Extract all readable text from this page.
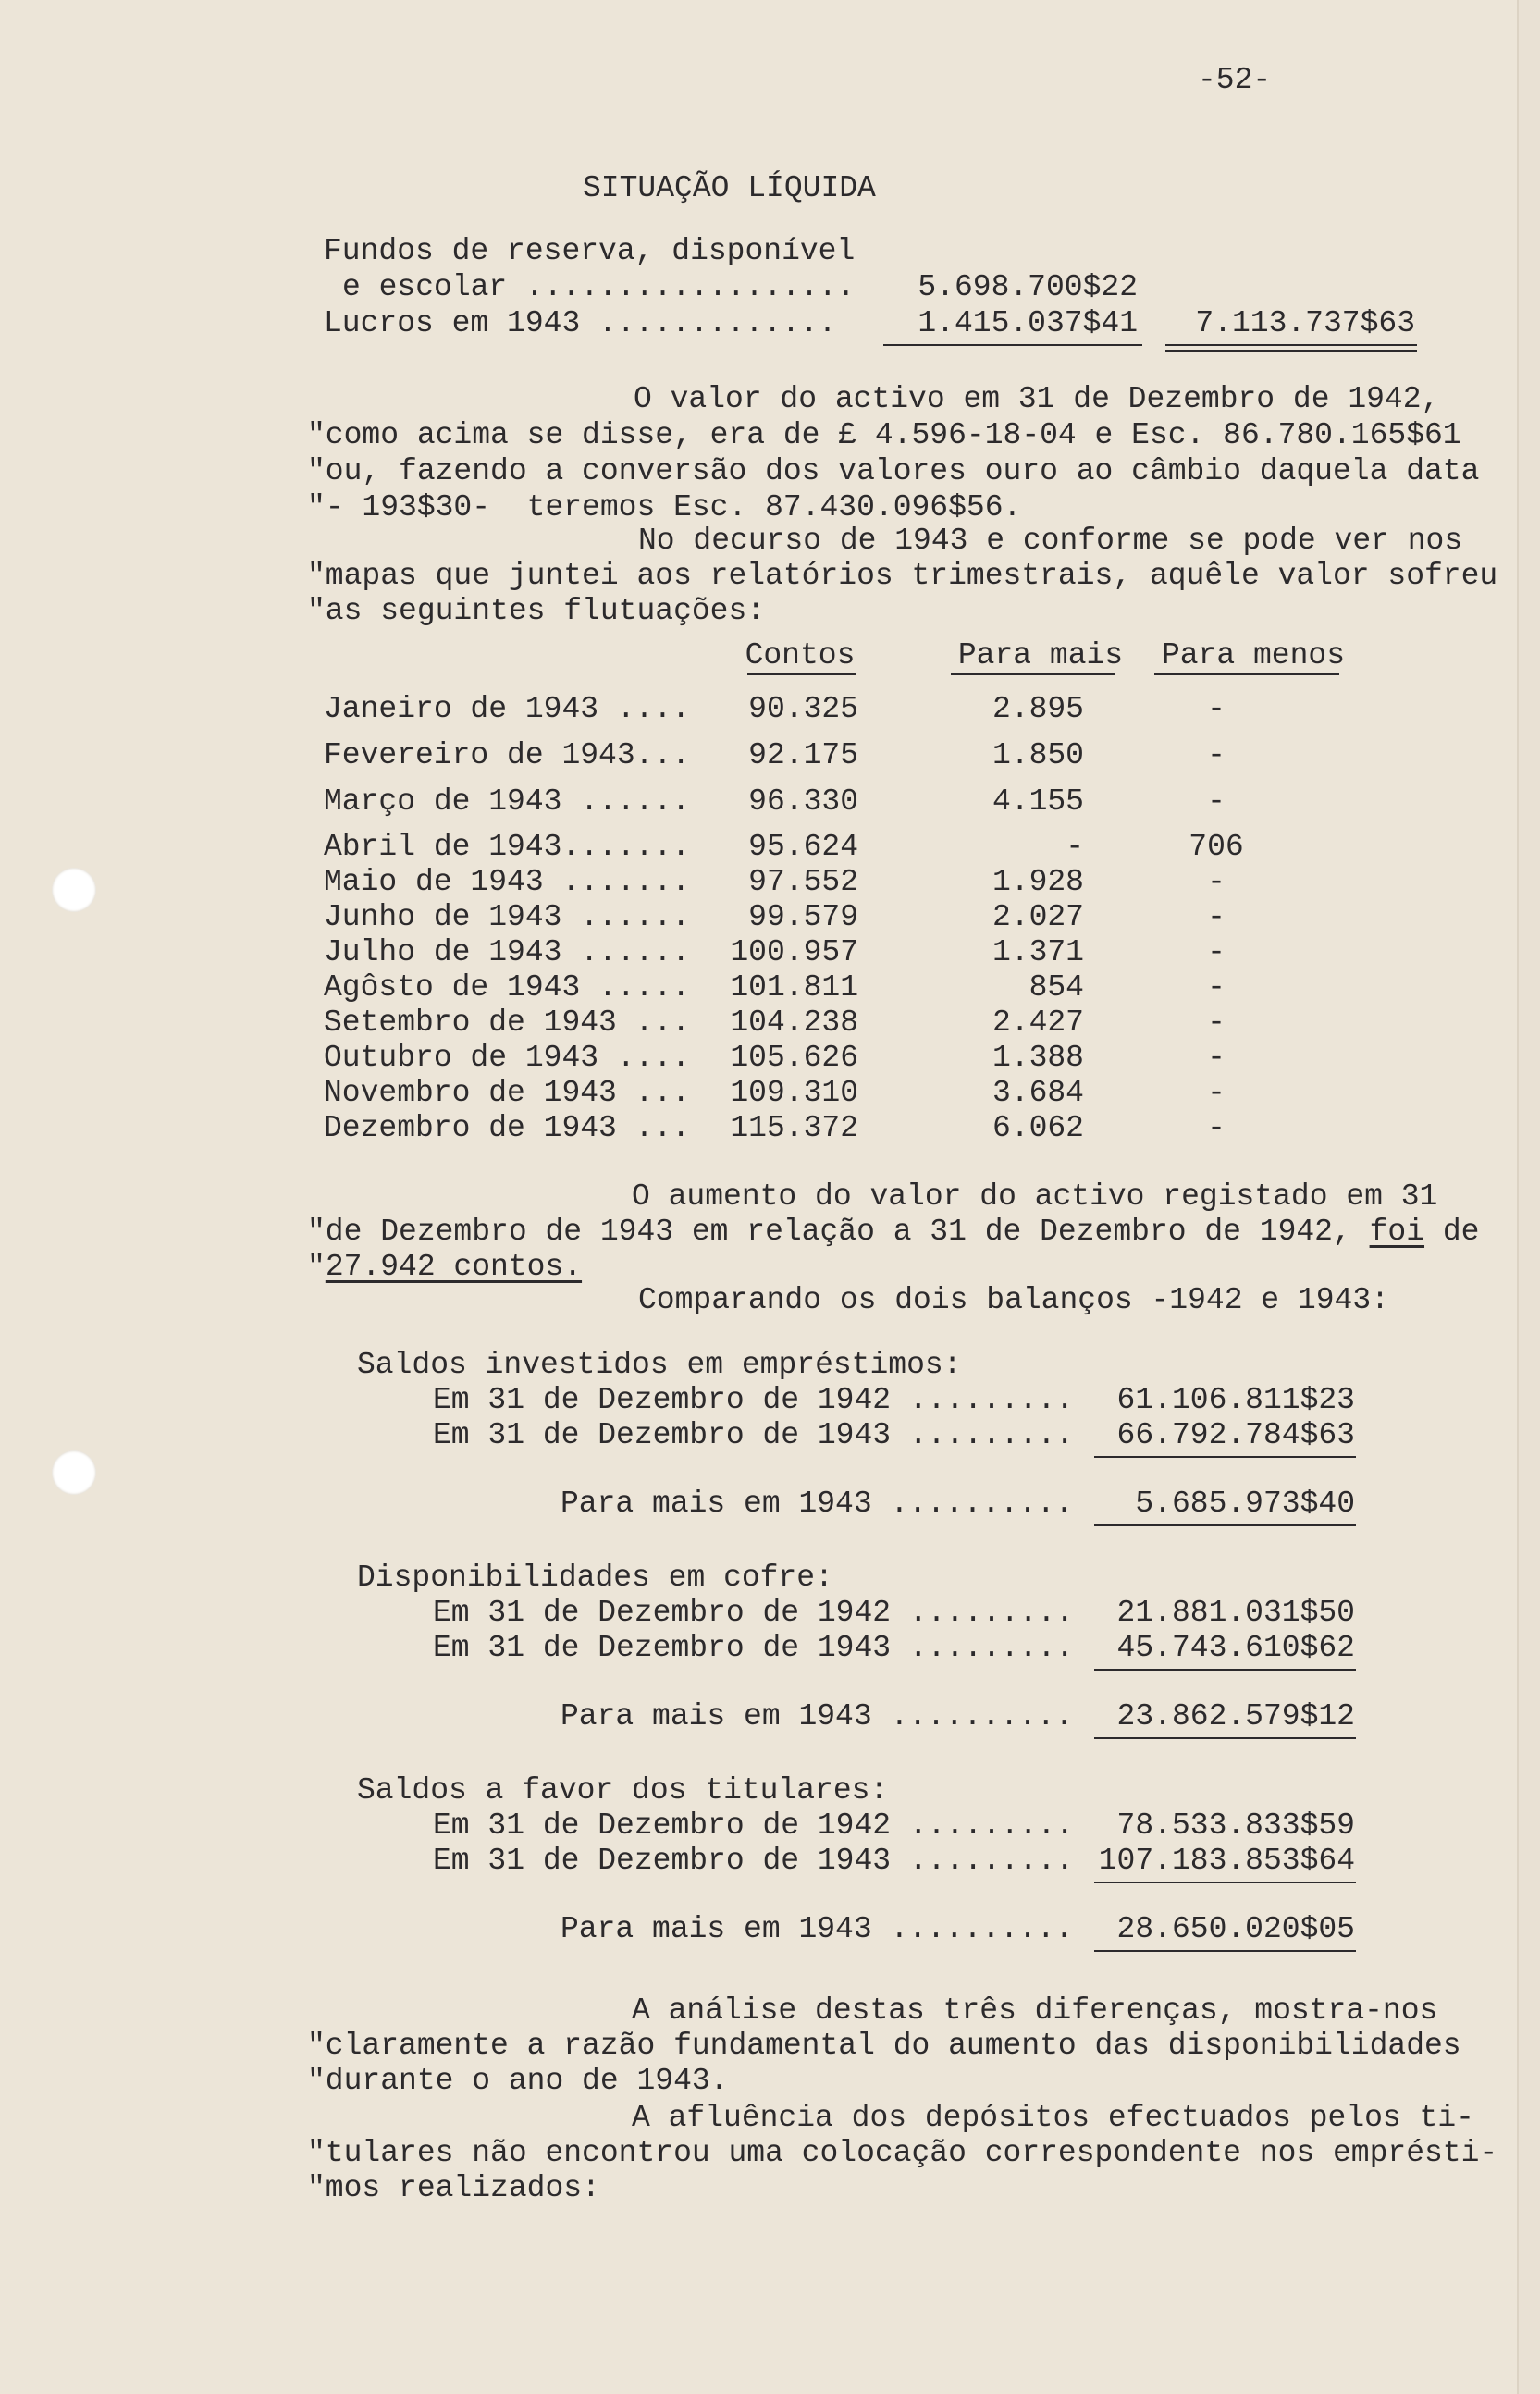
-52-
SITUAÇÃO LÍQUIDA
Fundos de reserva, disponível
e escolar ..................	5.698.700$22
Lucros em 1943 .............	1.415.037$41	7.113.737$63
O valor do activo em 31 de Dezembro de 1942,
"como acima se disse, era de £ 4.596-18-04 e Esc. 86.780.165$61
"ou, fazendo a conversão dos valores ouro ao câmbio daquela data
"- 193$30-  teremos Esc. 87.430.096$56.
No decurso de 1943 e conforme se pode ver nos
"mapas que juntei aos relatórios trimestrais, aquêle valor sofreu
"as seguintes flutuações:
Contos	Para mais	Para menos
Janeiro de 1943 ....	90.325	2.895	-
Fevereiro de 1943...	92.175	1.850	-
Março de 1943 ......	96.330	4.155	-
Abril de 1943.......	95.624	-	706
Maio de 1943 .......	97.552	1.928	-
Junho de 1943 ......	99.579	2.027	-
Julho de 1943 ......	100.957	1.371	-
Agôsto de 1943 .....	101.811	854	-
Setembro de 1943 ...	104.238	2.427	-
Outubro de 1943 ....	105.626	1.388	-
Novembro de 1943 ...	109.310	3.684	-
Dezembro de 1943 ...	115.372	6.062	-
O aumento do valor do activo registado em 31
"de Dezembro de 1943 em relação a 31 de Dezembro de 1942, foi de
"27.942 contos.
Comparando os dois balanços -1942 e 1943:
Saldos investidos em empréstimos:
Em 31 de Dezembro de 1942 .........	61.106.811$23
Em 31 de Dezembro de 1943 .........	66.792.784$63
Para mais em 1943 ..........	5.685.973$40
Disponibilidades em cofre:
Em 31 de Dezembro de 1942 .........	21.881.031$50
Em 31 de Dezembro de 1943 .........	45.743.610$62
Para mais em 1943 ..........	23.862.579$12
Saldos a favor dos titulares:
Em 31 de Dezembro de 1942 .........	78.533.833$59
Em 31 de Dezembro de 1943 ......... 107.183.853$64
Para mais em 1943 ..........	28.650.020$05
A análise destas três diferenças, mostra-nos
"claramente a razão fundamental do aumento das disponibilidades
"durante o ano de 1943.
A afluência dos depósitos efectuados pelos ti-
"tulares não encontrou uma colocação correspondente nos emprésti-
"mos realizados:
